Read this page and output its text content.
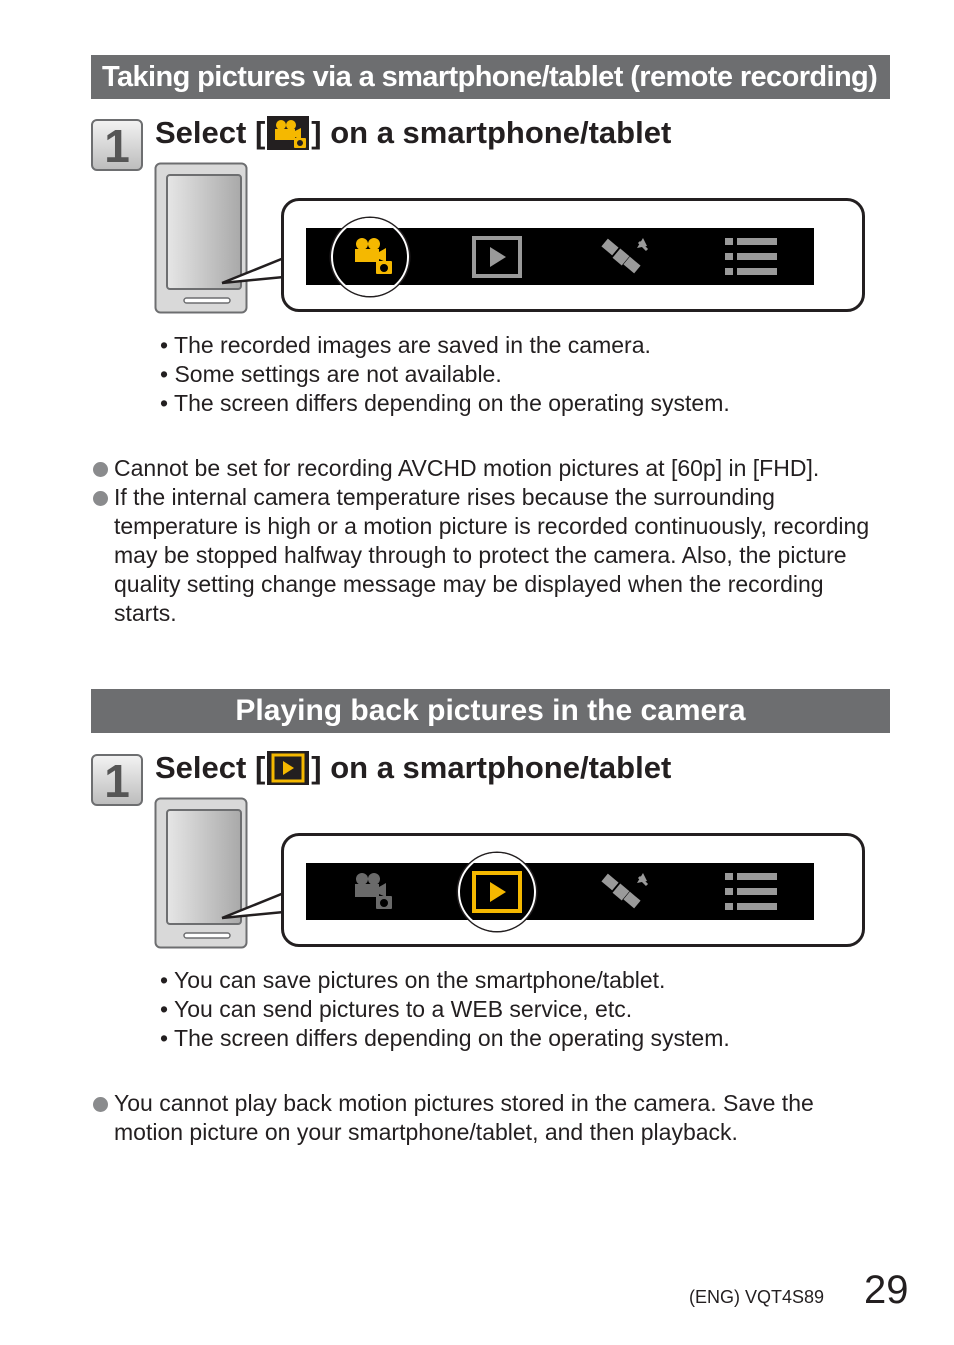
Taking pictures via a smartphone/tablet (remote recording)
1 Select [ ] on a smartphone/tablet
• The recorded images are saved in the camera.
• Some settings are not available.
• The screen differs depending on the operating system.
Cannot be set for recording AVCHD motion pictures at [60p] in [FHD].
If the internal camera temperature rises because the surrounding temperature is high or a motion picture is recorded continuously, recording may be stopped halfway through to protect the camera. Also, the picture quality setting change message may be displayed when the recording starts.
Playing back pictures in the camera
1 Select [ ] on a smartphone/tablet
• You can save pictures on the smartphone/tablet.
• You can send pictures to a WEB service, etc.
• The screen differs depending on the operating system.
You cannot play back motion pictures stored in the camera. Save the motion picture on your smartphone/tablet, and then playback.
(ENG) VQT4S89 29
